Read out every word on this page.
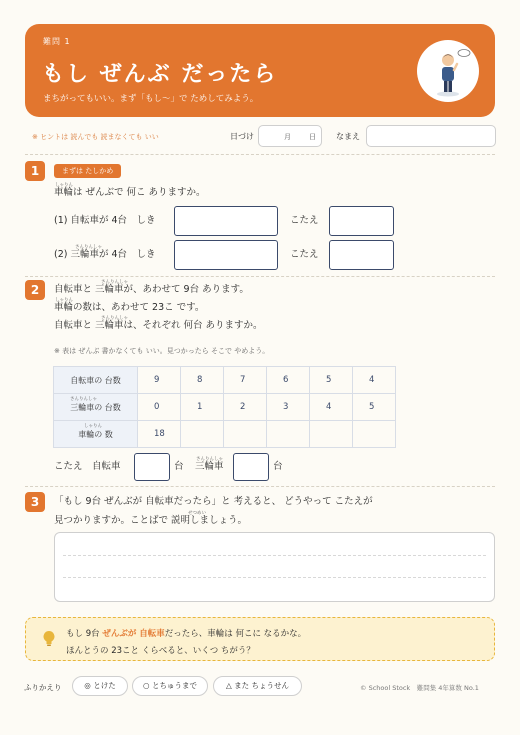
難問 1
もし ぜんぶ だったら
まちがってもいい。まず「もし〜」で ためしてみよう。
※ ヒントは 読んでも 読まなくても いい	日づけ	月	日	なまえ
1	まずは たしかめ
しゃりん
車輪は ぜんぶで 何こ ありますか。
(1) 自転車が 4台　しき	こたえ
さんりんしゃ
(2) 三輪車が 4台　しき	こたえ
2
さんりんしゃ
自転車と 三輪車が、あわせて 9台 あります。
しゃりん
車輪の数は、あわせて 23こ です。
さんりんしゃ
自転車と 三輪車は、それぞれ 何台 ありますか。
※ 表は ぜんぶ 書かなくても いい。見つかったら そこで やめよう。
自転車の 台数	9	8	7	6	5	4

さんりんしゃ
三輪車の 台数	0	1	2	3	4	5

しゃりん
車輪の 数	18					
こたえ　自転車	台
さんりんしゃ
三輪車	台
3	「もし 9台 ぜんぶが 自転車だったら」と 考えると、 どうやって こたえが
せつめい
見つかりますか。ことばで 説明しましょう。
もし 9台 ぜんぶが 自転車だったら、車輪は 何こに なるかな。
ほんとうの 23こと くらべると、いくつ ちがう？
ふりかえり	◎ とけた	○ とちゅうまで	△ また ちょうせん	© School Stock　難問集 4年算数 No.1
